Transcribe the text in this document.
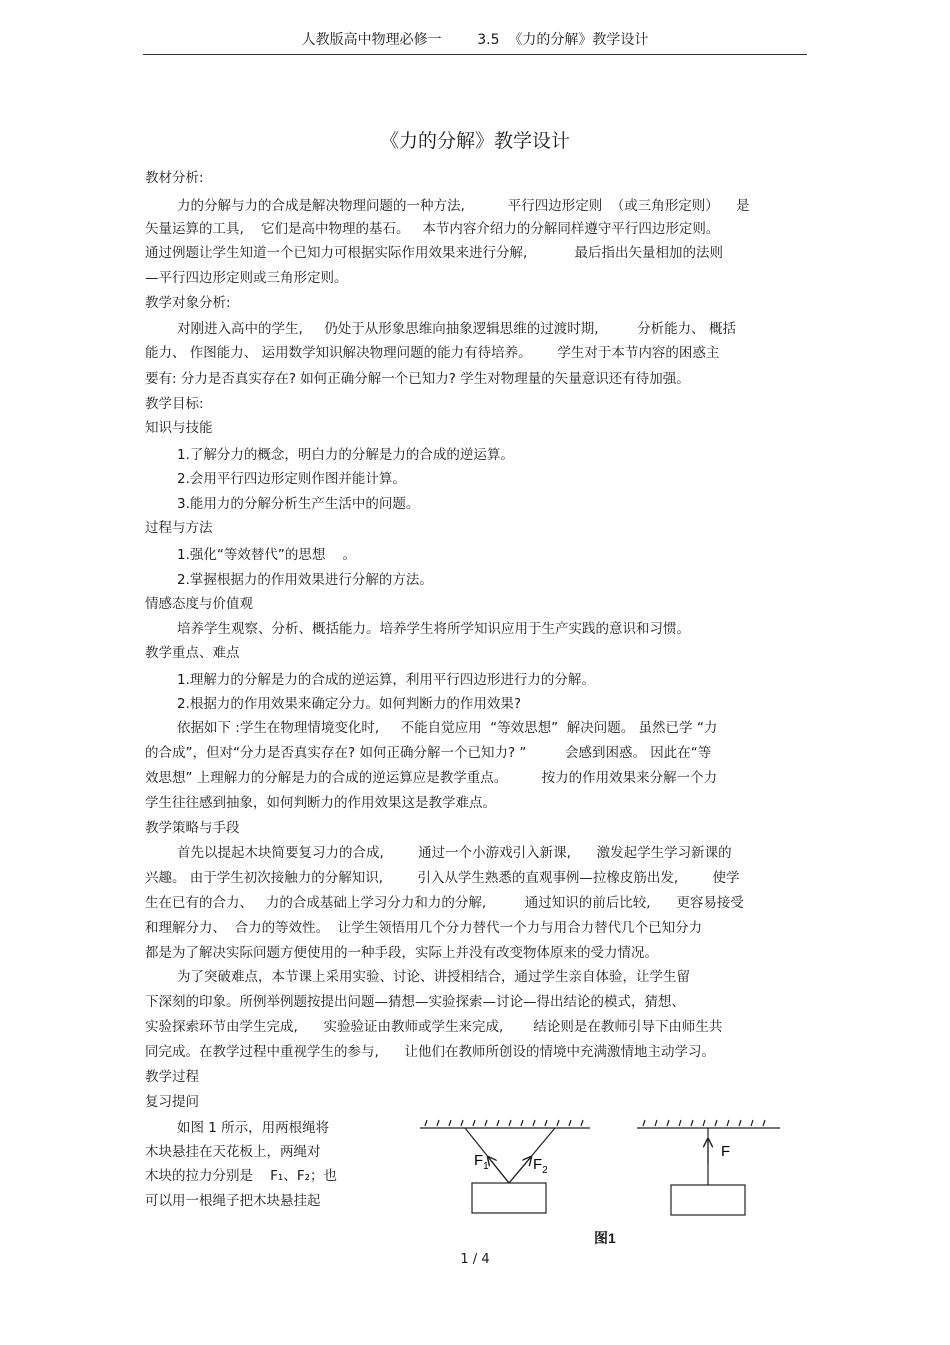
人教版高中物理必修一        3.5  《力的分解》教学设计
《力的分解》教学设计
教材分析:
力的分解与力的合成是解决物理问题的一种方法,          平行四边形定则  （或三角形定则）    是
矢量运算的工具,    它们是高中物理的基石。   本节内容介绍力的分解同样遵守平行四边形定则。
通过例题让学生知道一个已知力可根据实际作用效果来进行分解,           最后指出矢量相加的法则
—平行四边形定则或三角形定则。
教学对象分析:
对刚进入高中的学生,     仍处于从形象思维向抽象逻辑思维的过渡时期,         分析能力、 概括
能力、 作图能力、 运用数学知识解决物理问题的能力有待培养。      学生对于本节内容的困惑主
要有: 分力是否真实存在? 如何正确分解一个已知力? 学生对物理量的矢量意识还有待加强。
教学目标:
知识与技能
1.了解分力的概念，明白力的分解是力的合成的逆运算。
2.会用平行四边形定则作图并能计算。
3.能用力的分解分析生产生活中的问题。
过程与方法
1.强化“等效替代”的思想    。
2.掌握根据力的作用效果进行分解的方法。
情感态度与价值观
培养学生观察、分析、概括能力。培养学生将所学知识应用于生产实践的意识和习惯。
教学重点、难点
1.理解力的分解是力的合成的逆运算，利用平行四边形进行力的分解。
2.根据力的作用效果来确定分力。如何判断力的作用效果?
依据如下 :学生在物理情境变化时,     不能自觉应用  “等效思想”  解决问题。 虽然已学 “力
的合成”，但对“分力是否真实存在? 如何正确分解一个已知力? ”         会感到困惑。 因此在“等
效思想” 上理解力的分解是力的合成的逆运算应是教学重点。        按力的作用效果来分解一个力
学生往往感到抽象，如何判断力的作用效果这是教学难点。
教学策略与手段
首先以提起木块简要复习力的合成,        通过一个小游戏引入新课,      激发起学生学习新课的
兴趣。 由于学生初次接触力的分解知识,        引入从学生熟悉的直观事例—拉橡皮筋出发,        使学
生在已有的合力、   力的合成基础上学习分力和力的分解,         通过知识的前后比较,      更容易接受
和理解分力、  合力的等效性。  让学生领悟用几个分力替代一个力与用合力替代几个已知分力
都是为了解决实际问题方便使用的一种手段，实际上并没有改变物体原来的受力情况。
为了突破难点，本节课上采用实验、讨论、讲授相结合，通过学生亲自体验，让学生留
下深刻的印象。所例举例题按提出问题—猜想—实验探索—讨论—得出结论的模式，猜想、
实验探索环节由学生完成,      实验验证由教师或学生来完成,       结论则是在教师引导下由师生共
同完成。在教学过程中重视学生的参与,      让他们在教师所创设的情境中充满激情地主动学习。
教学过程
复习提问
如图 1 所示，用两根绳将
木块悬挂在天花板上，两绳对
木块的拉力分别是    F₁、F₂；也
可以用一根绳子把木块悬挂起
$F_1$	$F_2$
F
图1
1 / 4
